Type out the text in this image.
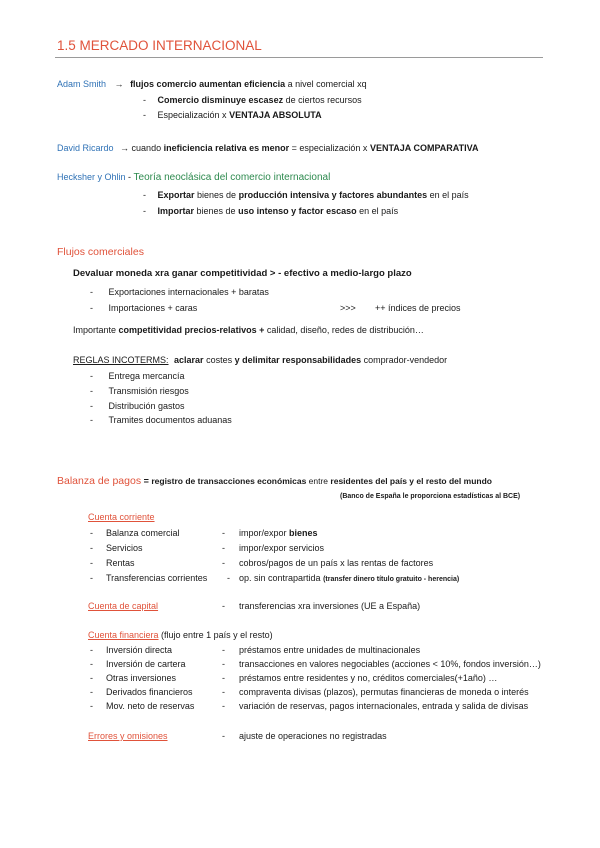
1.5 MERCADO INTERNACIONAL
Adam Smith → flujos comercio aumentan eficiencia a nivel comercial xq
- Comercio disminuye escasez de ciertos recursos
- Especialización x VENTAJA ABSOLUTA
David Ricardo → cuando ineficiencia relativa es menor = especialización x VENTAJA COMPARATIVA
Hecksher y Ohlin - Teoría neoclásica del comercio internacional
- Exportar bienes de producción intensiva y factores abundantes en el país
- Importar bienes de uso intenso y factor escaso en el país
Flujos comerciales
Devaluar moneda xra ganar competitividad > - efectivo a medio-largo plazo
- Exportaciones internacionales + baratas
- Importaciones + caras	>>> ++ índices de precios
Importante competitividad precios-relativos + calidad, diseño, redes de distribución…
REGLAS INCOTERMS: aclarar costes y delimitar responsabilidades comprador-vendedor
- Entrega mercancía
- Transmisión riesgos
- Distribución gastos
- Tramites documentos aduanas
Balanza de pagos = registro de transacciones económicas entre residentes del país y el resto del mundo
(Banco de España le proporciona estadísticas al BCE)
Cuenta corriente
- Balanza comercial	- impor/expor bienes
- Servicios	- impor/expor servicios
- Rentas	- cobros/pagos de un país x las rentas de factores
- Transferencias corrientes - op. sin contrapartida (transfer dinero título gratuito - herencia)
Cuenta de capital	- transferencias xra inversiones (UE a España)
Cuenta financiera (flujo entre 1 país y el resto)
- Inversión directa	- préstamos entre unidades de multinacionales
- Inversión de cartera	- transacciones en valores negociables (acciones < 10%, fondos inversión…)
- Otras inversiones	- préstamos entre residentes y no, créditos comerciales(+1año) …
- Derivados financieros	- compraventa divisas (plazos), permutas financieras de moneda o interés
- Mov. neto de reservas	- variación de reservas, pagos internacionales, entrada y salida de divisas
Errores y omisiones	- ajuste de operaciones no registradas
